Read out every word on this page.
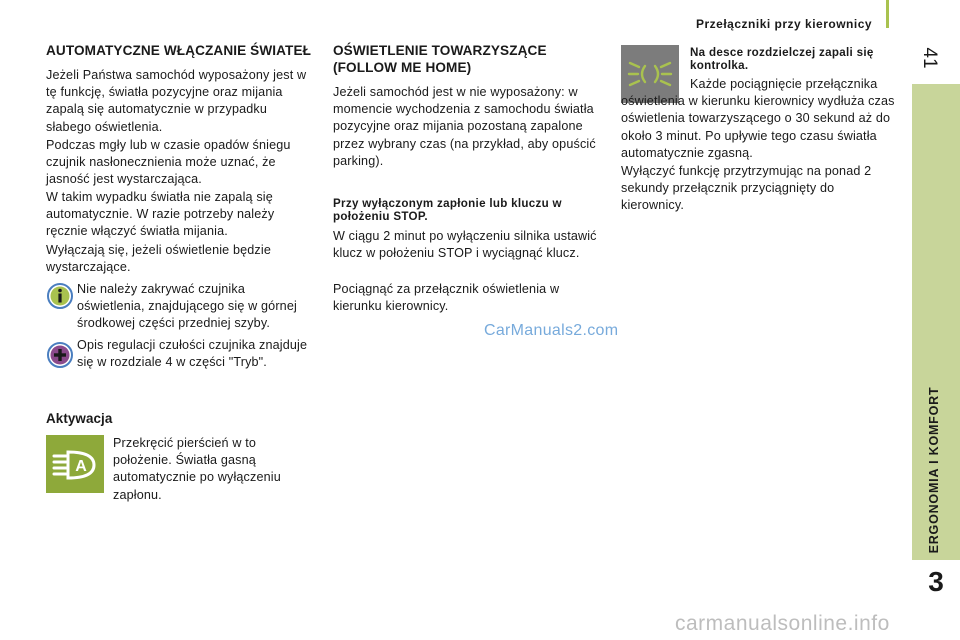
Przełączniki przy kierownicy
41
ERGONOMIA I KOMFORT
3
AUTOMATYCZNE WŁĄCZANIE ŚWIATEŁ

Jeżeli Państwa samochód wyposażony jest w tę funkcję, światła pozycyjne oraz mijania zapalą się automatycznie w przypadku słabego oświetlenia.

Podczas mgły lub w czasie opadów śniegu czujnik nasłonecznienia może uznać, że jasność jest wystarczająca.

W takim wypadku światła nie zapalą się automatycznie. W razie potrzeby należy ręcznie włączyć światła mijania.

Wyłączają się, jeżeli oświetlenie będzie wystarczające.

Nie należy zakrywać czujnika oświetlenia, znajdującego się w górnej środkowej części przedniej szyby.

Opis regulacji czułości czujnika znajduje się w rozdziale 4 w części "Tryb".

Aktywacja
A

Przekręcić pierścień w to położenie. Światła gasną automatycznie po wyłączeniu zapłonu.

OŚWIETLENIE TOWARZYSZĄCE (FOLLOW ME HOME)

Jeżeli samochód jest w nie wyposażony: w momencie wychodzenia z samochodu światła pozycyjne oraz mijania pozostaną zapalone przez wybrany czas (na przykład, aby opuścić parking).

Przy wyłączonym zapłonie lub kluczu w położeniu STOP.

W ciągu 2 minut po wyłączeniu silnika ustawić klucz w położeniu STOP i wyciągnąć klucz.

Pociągnąć za przełącznik oświetlenia w kierunku kierownicy.

CarManuals2.com
Na desce rozdzielczej zapali się kontrolka.

Każde pociągnięcie przełącznika oświetlenia w kierunku kierownicy wydłuża czas oświetlenia towarzyszącego o 30 sekund aż do około 3 minut. Po upływie tego czasu światła automatycznie zgasną.

Wyłączyć funkcję przytrzymując na ponad 2 sekundy przełącznik przyciągnięty do kierownicy.

carmanualsonline.info
